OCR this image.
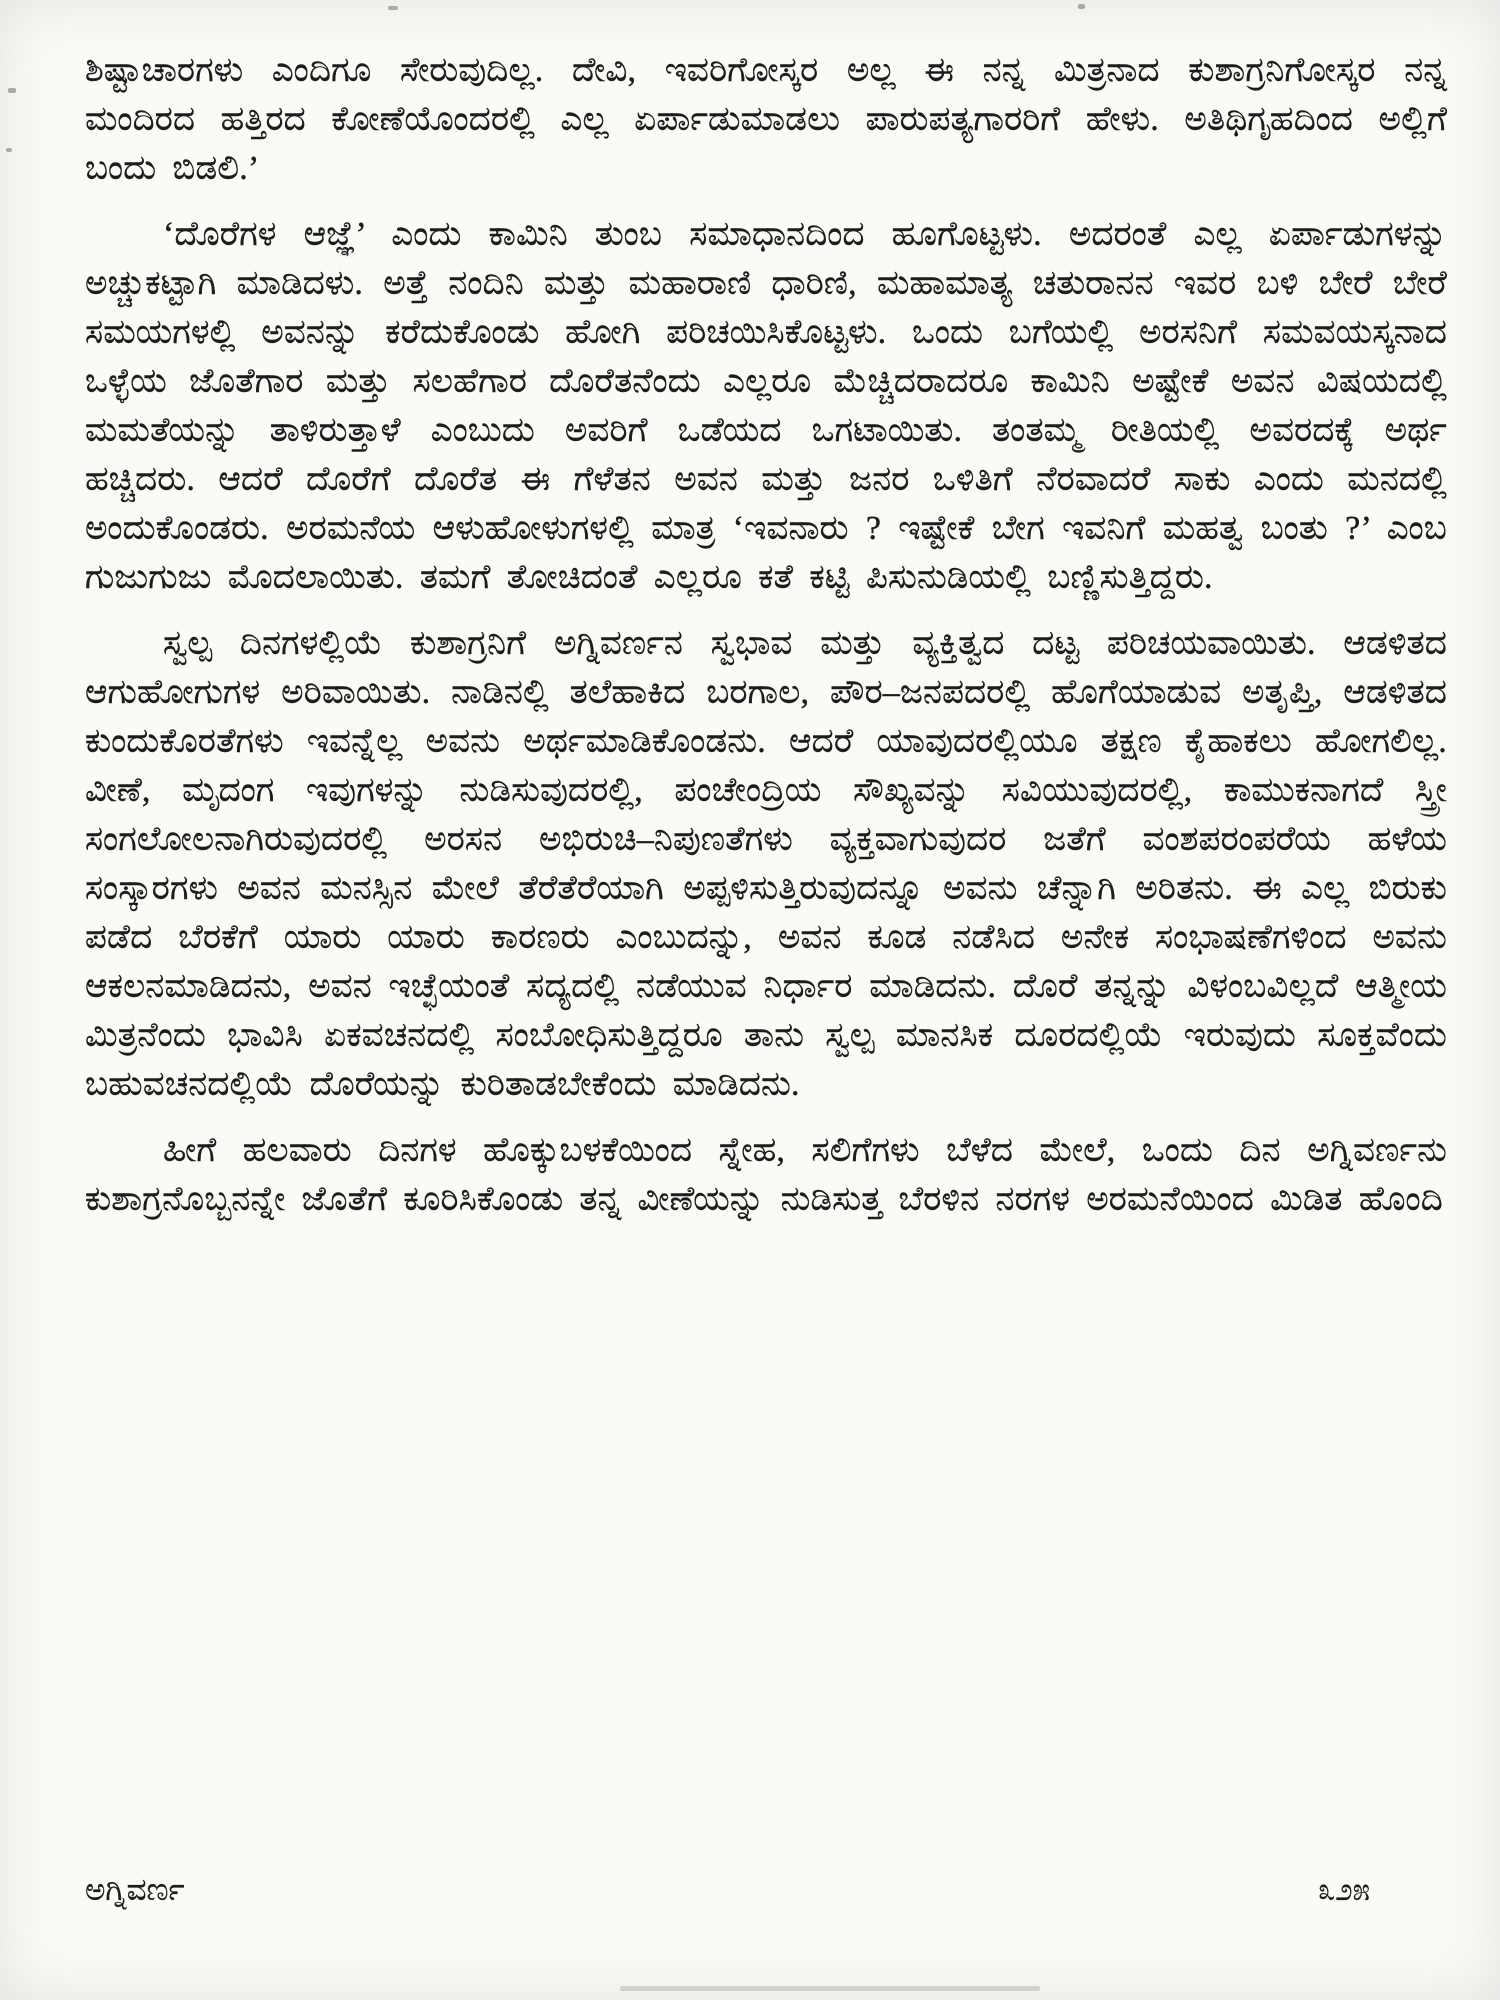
ಶಿಷ್ಟಾಚಾರಗಳು ಎಂದಿಗೂ ಸೇರುವುದಿಲ್ಲ. ದೇವಿ, ಇವರಿಗೋಸ್ಕರ ಅಲ್ಲ ಈ ನನ್ನ ಮಿತ್ರನಾದ ಕುಶಾಗ್ರನಿಗೋಸ್ಕರ ನನ್ನ ಮಂದಿರದ ಹತ್ತಿರದ ಕೋಣೆಯೊಂದರಲ್ಲಿ ಎಲ್ಲ ಏರ್ಪಾಡುಮಾಡಲು ಪಾರುಪತ್ಯಗಾರರಿಗೆ ಹೇಳು. ಅತಿಥಿಗೃಹದಿಂದ ಅಲ್ಲಿಗೆ ಬಂದು ಬಿಡಲಿ.’

‘ದೊರೆಗಳ ಆಜ್ಞೆ’ ಎಂದು ಕಾಮಿನಿ ತುಂಬ ಸಮಾಧಾನದಿಂದ ಹೂಗೊಟ್ಟಳು. ಅದರಂತೆ ಎಲ್ಲ ಏರ್ಪಾಡುಗಳನ್ನು ಅಚ್ಚುಕಟ್ಟಾಗಿ ಮಾಡಿದಳು. ಅತ್ತೆ ನಂದಿನಿ ಮತ್ತು ಮಹಾರಾಣಿ ಧಾರಿಣಿ, ಮಹಾಮಾತ್ಯ ಚತುರಾನನ ಇವರ ಬಳಿ ಬೇರೆ ಬೇರೆ ಸಮಯಗಳಲ್ಲಿ ಅವನನ್ನು ಕರೆದುಕೊಂಡು ಹೋಗಿ ಪರಿಚಯಿಸಿಕೊಟ್ಟಳು. ಒಂದು ಬಗೆಯಲ್ಲಿ ಅರಸನಿಗೆ ಸಮವಯಸ್ಕನಾದ ಒಳ್ಳೆಯ ಜೊತೆಗಾರ ಮತ್ತು ಸಲಹೆಗಾರ ದೊರೆತನೆಂದು ಎಲ್ಲರೂ ಮೆಚ್ಚಿದರಾದರೂ ಕಾಮಿನಿ ಅಷ್ಟೇಕೆ ಅವನ ವಿಷಯದಲ್ಲಿ ಮಮತೆಯನ್ನು ತಾಳಿರುತ್ತಾಳೆ ಎಂಬುದು ಅವರಿಗೆ ಒಡೆಯದ ಒಗಟಾಯಿತು. ತಂತಮ್ಮ ರೀತಿಯಲ್ಲಿ ಅವರದಕ್ಕೆ ಅರ್ಥ ಹಚ್ಚಿದರು. ಆದರೆ ದೊರೆಗೆ ದೊರೆತ ಈ ಗೆಳೆತನ ಅವನ ಮತ್ತು ಜನರ ಒಳಿತಿಗೆ ನೆರವಾದರೆ ಸಾಕು ಎಂದು ಮನದಲ್ಲಿ ಅಂದುಕೊಂಡರು. ಅರಮನೆಯ ಆಳುಹೋಳುಗಳಲ್ಲಿ ಮಾತ್ರ ‘ಇವನಾರು ? ಇಷ್ಟೇಕೆ ಬೇಗ ಇವನಿಗೆ ಮಹತ್ವ ಬಂತು ?’ ಎಂಬ ಗುಜುಗುಜು ಮೊದಲಾಯಿತು. ತಮಗೆ ತೋಚಿದಂತೆ ಎಲ್ಲರೂ ಕತೆ ಕಟ್ಟಿ ಪಿಸುನುಡಿಯಲ್ಲಿ ಬಣ್ಣಿಸುತ್ತಿದ್ದರು.

ಸ್ವಲ್ಪ ದಿನಗಳಲ್ಲಿಯೆ ಕುಶಾಗ್ರನಿಗೆ ಅಗ್ನಿವರ್ಣನ ಸ್ವಭಾವ ಮತ್ತು ವ್ಯಕ್ತಿತ್ವದ ದಟ್ಟ ಪರಿಚಯವಾಯಿತು. ಆಡಳಿತದ ಆಗುಹೋಗುಗಳ ಅರಿವಾಯಿತು. ನಾಡಿನಲ್ಲಿ ತಲೆಹಾಕಿದ ಬರಗಾಲ, ಪೌರ–ಜನಪದರಲ್ಲಿ ಹೊಗೆಯಾಡುವ ಅತೃಪ್ತಿ, ಆಡಳಿತದ ಕುಂದುಕೊರತೆಗಳು ಇವನ್ನೆಲ್ಲ ಅವನು ಅರ್ಥಮಾಡಿಕೊಂಡನು. ಆದರೆ ಯಾವುದರಲ್ಲಿಯೂ ತಕ್ಷಣ ಕೈಹಾಕಲು ಹೋಗಲಿಲ್ಲ. ವೀಣೆ, ಮೃದಂಗ ಇವುಗಳನ್ನು ನುಡಿಸುವುದರಲ್ಲಿ, ಪಂಚೇಂದ್ರಿಯ ಸೌಖ್ಯವನ್ನು ಸವಿಯುವುದರಲ್ಲಿ, ಕಾಮುಕನಾಗದೆ ಸ್ತ್ರೀ ಸಂಗಲೋಲನಾಗಿರುವುದರಲ್ಲಿ ಅರಸನ ಅಭಿರುಚಿ–ನಿಪುಣತೆಗಳು ವ್ಯಕ್ತವಾಗುವುದರ ಜತೆಗೆ ವಂಶಪರಂಪರೆಯ ಹಳೆಯ ಸಂಸ್ಕಾರಗಳು ಅವನ ಮನಸ್ಸಿನ ಮೇಲೆ ತೆರೆತೆರೆಯಾಗಿ ಅಪ್ಪಳಿಸುತ್ತಿರುವುದನ್ನೂ ಅವನು ಚೆನ್ನಾಗಿ ಅರಿತನು. ಈ ಎಲ್ಲ ಬಿರುಕು ಪಡೆದ ಬೆರಕೆಗೆ ಯಾರು ಯಾರು ಕಾರಣರು ಎಂಬುದನ್ನು, ಅವನ ಕೂಡ ನಡೆಸಿದ ಅನೇಕ ಸಂಭಾಷಣೆಗಳಿಂದ ಅವನು ಆಕಲನಮಾಡಿದನು, ಅವನ ಇಚ್ಛೆಯಂತೆ ಸದ್ಯದಲ್ಲಿ ನಡೆಯುವ ನಿರ್ಧಾರ ಮಾಡಿದನು. ದೊರೆ ತನ್ನನ್ನು ವಿಳಂಬವಿಲ್ಲದೆ ಆತ್ಮೀಯ ಮಿತ್ರನೆಂದು ಭಾವಿಸಿ ಏಕವಚನದಲ್ಲಿ ಸಂಬೋಧಿಸುತ್ತಿದ್ದರೂ ತಾನು ಸ್ವಲ್ಪ ಮಾನಸಿಕ ದೂರದಲ್ಲಿಯೆ ಇರುವುದು ಸೂಕ್ತವೆಂದು ಬಹುವಚನದಲ್ಲಿಯೆ ದೊರೆಯನ್ನು ಕುರಿತಾಡಬೇಕೆಂದು ಮಾಡಿದನು.

ಹೀಗೆ ಹಲವಾರು ದಿನಗಳ ಹೊಕ್ಕುಬಳಕೆಯಿಂದ ಸ್ನೇಹ, ಸಲಿಗೆಗಳು ಬೆಳೆದ ಮೇಲೆ, ಒಂದು ದಿನ ಅಗ್ನಿವರ್ಣನು ಕುಶಾಗ್ರನೊಬ್ಬನನ್ನೇ ಜೊತೆಗೆ ಕೂರಿಸಿಕೊಂಡು ತನ್ನ ವೀಣೆಯನ್ನು ನುಡಿಸುತ್ತ ಬೆರಳಿನ ನರಗಳ ಅರಮನೆಯಿಂದ ಮಿಡಿತ ಹೊಂದಿ

ಅಗ್ನಿವರ್ಣ	೩೨೫
